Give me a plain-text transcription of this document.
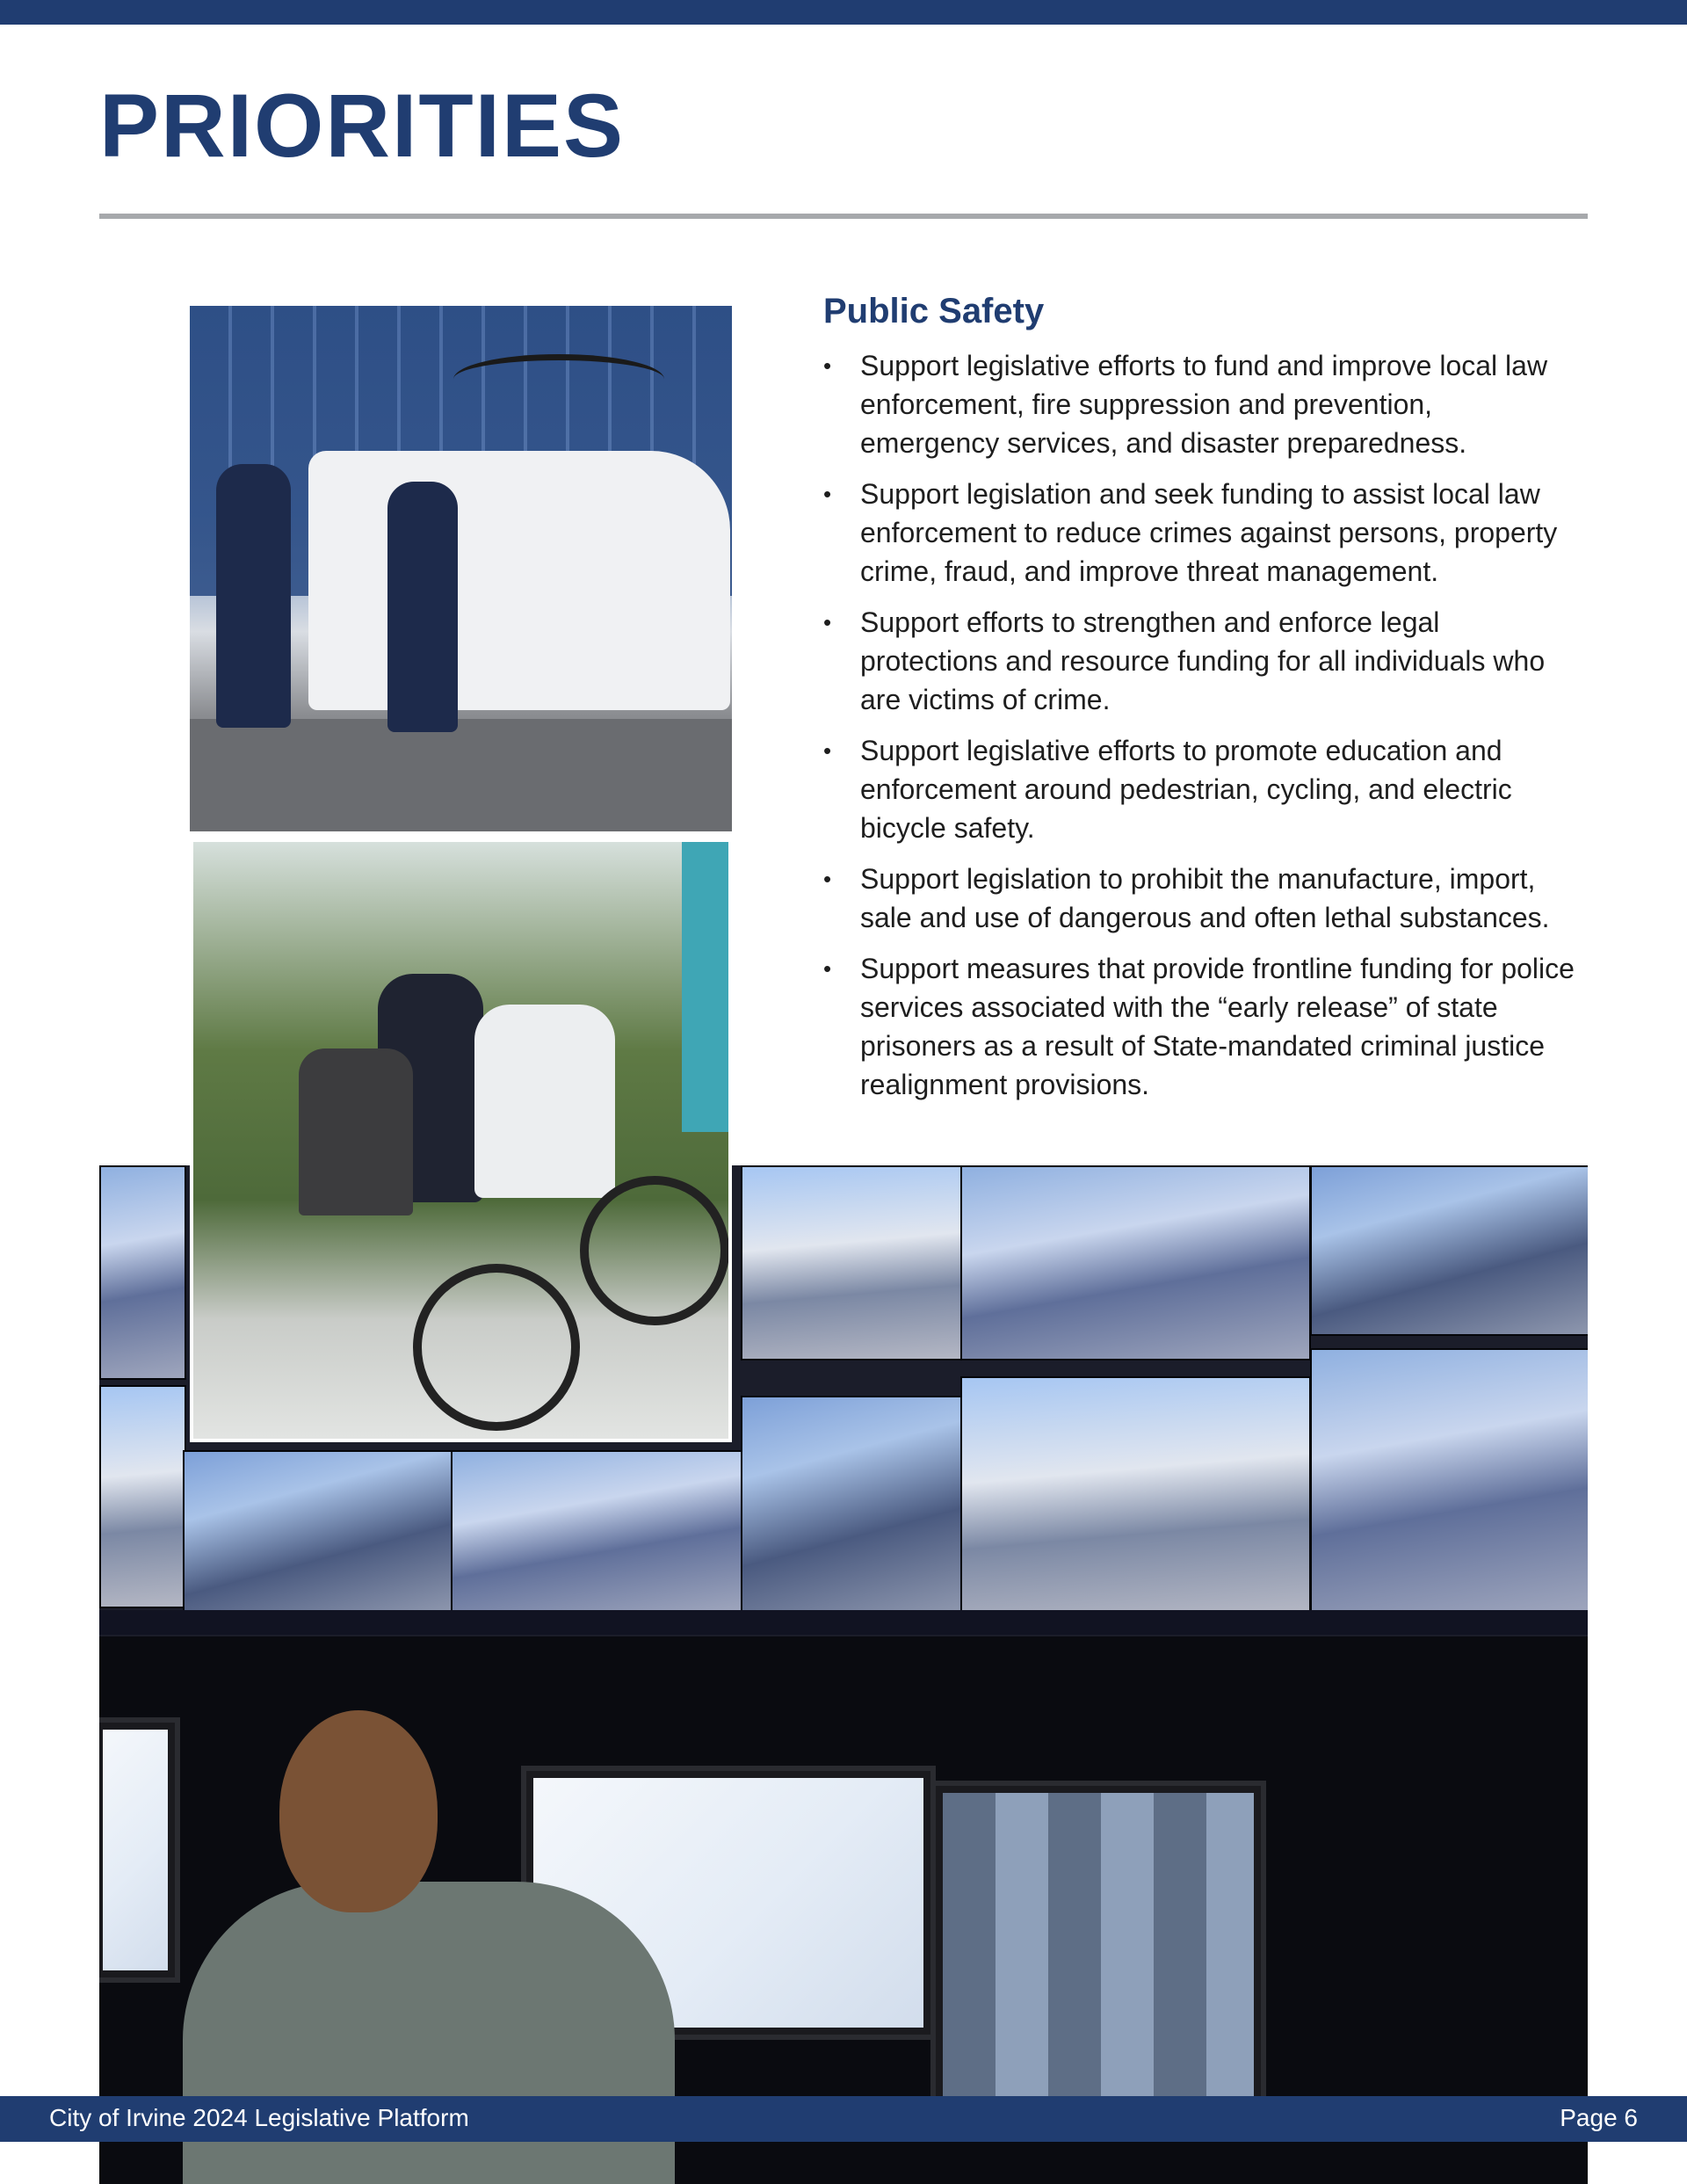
PRIORITIES
Public Safety
• Support legislative efforts to fund and improve local law enforcement, fire suppression and prevention, emergency services, and disaster preparedness.
• Support legislation and seek funding to assist local law enforcement to reduce crimes against persons, property crime, fraud, and improve threat management.
• Support efforts to strengthen and enforce legal protections and resource funding for all individuals who are victims of crime.
• Support legislative efforts to promote education and enforcement around pedestrian, cycling, and electric bicycle safety.
• Support legislation to prohibit the manufacture, import, sale and use of dangerous and often lethal substances.
• Support measures that provide frontline funding for police services associated with the “early release” of state prisoners as a result of State-mandated criminal justice realignment provisions.
City of Irvine 2024 Legislative Platform	Page 6
